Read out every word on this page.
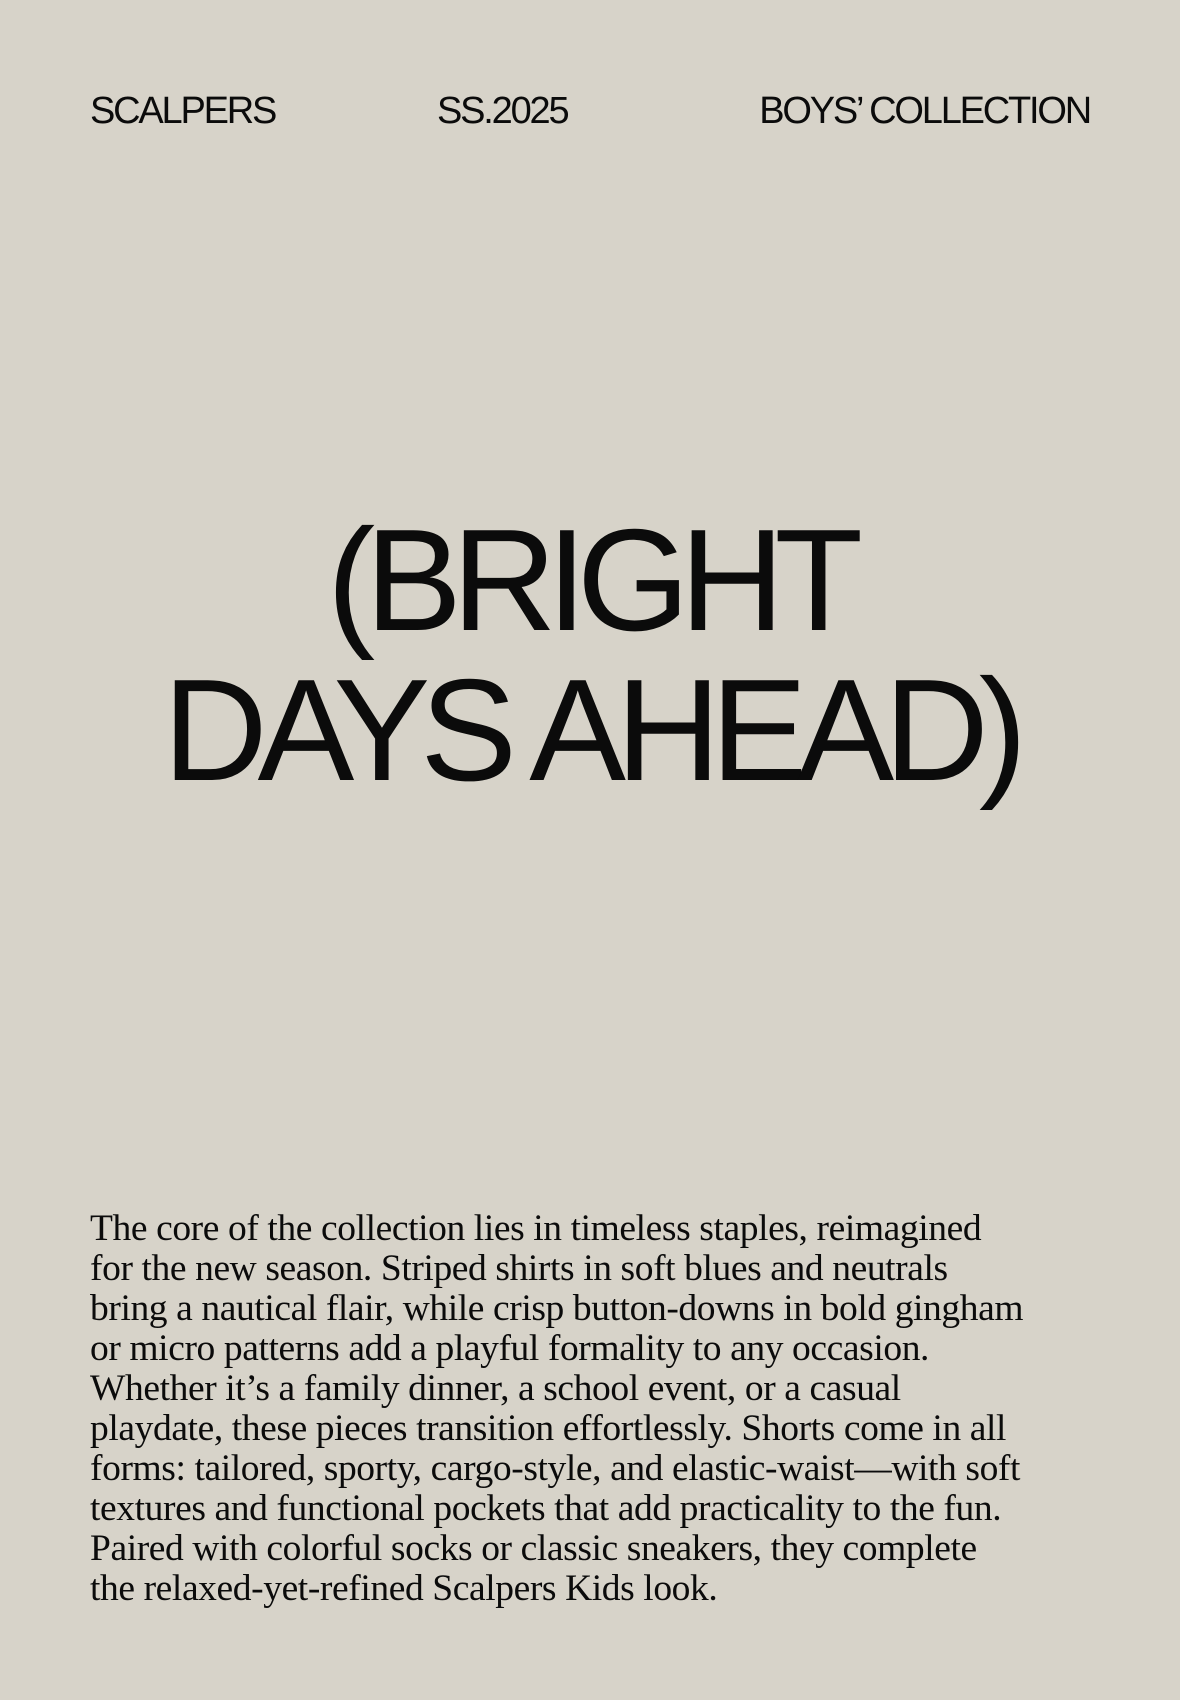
SCALPERS	SS.2025	BOYS’ COLLECTION
(BRIGHT
DAYS AHEAD)

The core of the collection lies in timeless staples, reimagined
for the new season. Striped shirts in soft blues and neutrals
bring a nautical flair, while crisp button-downs in bold gingham
or micro patterns add a playful formality to any occasion.
Whether it’s a family dinner, a school event, or a casual
playdate, these pieces transition effortlessly. Shorts come in all
forms: tailored, sporty, cargo-style, and elastic-waist—with soft
textures and functional pockets that add practicality to the fun.
Paired with colorful socks or classic sneakers, they complete
the relaxed-yet-refined Scalpers Kids look.
